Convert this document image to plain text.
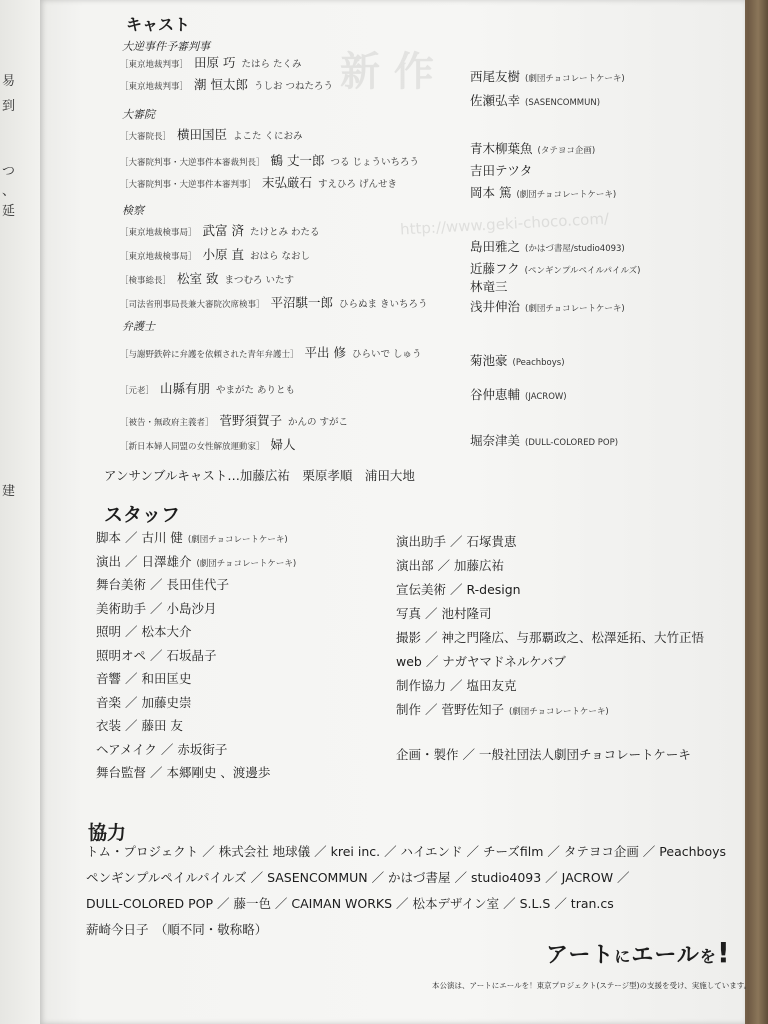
新 作
http://www.geki-choco.com/
易
到
つ
、
延
建
キャスト
大逆事件予審判事
［東京地裁判事］ 田原 巧 たはら たくみ
［東京地裁判事］ 潮 恒太郎 うしお つねたろう
大審院
［大審院長］ 横田国臣 よこた くにおみ
［大審院判事・大逆事件本審裁判長］ 鶴 丈一郎 つる じょういちろう
［大審院判事・大逆事件本審判事］ 末弘厳石 すえひろ げんせき
検察
［東京地裁検事局］ 武富 済 たけとみ わたる
［東京地裁検事局］ 小原 直 おはら なおし
［検事総長］ 松室 致 まつむろ いたす
［司法省刑事局長兼大審院次席検事］ 平沼騏一郎 ひらぬま きいちろう
弁護士
［与謝野鉄幹に弁護を依頼された青年弁護士］ 平出 修 ひらいで しゅう
［元老］ 山縣有朋 やまがた ありとも
［被告・無政府主義者］ 菅野須賀子 かんの すがこ
［新日本婦人同盟の女性解放運動家］ 婦人
西尾友樹 (劇団チョコレートケーキ)
佐瀬弘幸 (SASENCOMMUN)
青木柳葉魚 (タテヨコ企画)
吉田テツタ
岡本 篤 (劇団チョコレートケーキ)
島田雅之 (かはづ書屋/studio4093)
近藤フク (ペンギンプルペイルパイルズ)
林竜三
浅井伸治 (劇団チョコレートケーキ)
菊池豪 (Peachboys)
谷仲恵輔 (JACROW)
堀奈津美 (DULL-COLORED POP)
アンサンブルキャスト…加藤広祐　栗原孝順　浦田大地
スタッフ
脚本 ／ 古川 健 (劇団チョコレートケーキ)
演出 ／ 日澤雄介 (劇団チョコレートケーキ)
舞台美術 ／ 長田佳代子
美術助手 ／ 小島沙月
照明 ／ 松本大介
照明オペ ／ 石坂晶子
音響 ／ 和田匡史
音楽 ／ 加藤史崇
衣装 ／ 藤田 友
ヘアメイク ／ 赤坂街子
舞台監督 ／ 本郷剛史 、渡邊歩
演出助手 ／ 石塚貴恵
演出部 ／ 加藤広祐
宣伝美術 ／ R-design
写真 ／ 池村隆司
撮影 ／ 神之門隆広、与那覇政之、松澤延拓、大竹正悟
web ／ ナガヤマドネルケバブ
制作協力 ／ 塩田友克
制作 ／ 菅野佐知子 (劇団チョコレートケーキ)
企画・製作 ／ 一般社団法人劇団チョコレートケーキ
協力
トム・プロジェクト ／ 株式会社 地球儀 ／ krei inc. ／ ハイエンド ／ チーズfilm ／ タテヨコ企画 ／ Peachboys
ペンギンプルペイルパイルズ ／ SASENCOMMUN ／ かはづ書屋 ／ studio4093 ／ JACROW ／
DULL-COLORED POP ／ 藤一色 ／ CAIMAN WORKS ／ 松本デザイン室 ／ S.L.S ／ tran.cs
薪崎今日子　（順不同・敬称略）
アートにエールを!
本公演は、アートにエールを！東京プロジェクト(ステージ型)の支援を受け、実施しています。
